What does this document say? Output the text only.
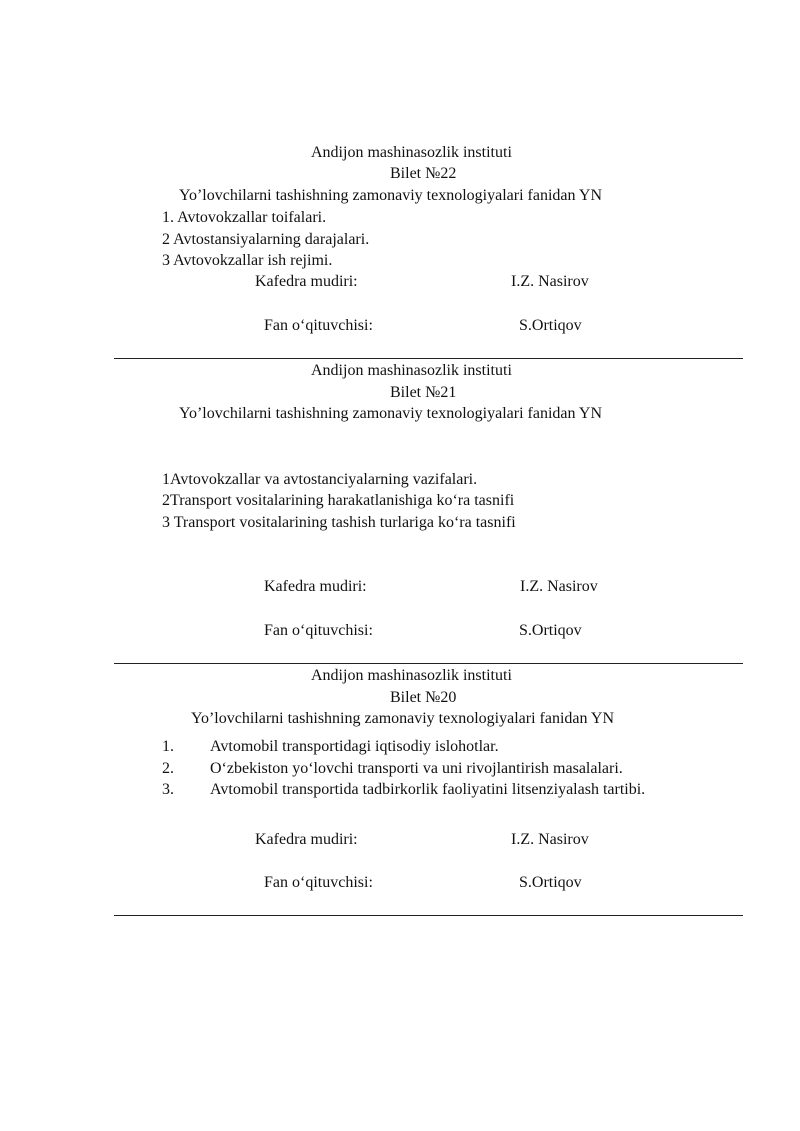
Andijon mashinasozlik instituti
Bilet №22
Yo’lovchilarni tashishning zamonaviy texnologiyalari fanidan YN
1. Avtovokzallar toifalari.
2 Avtostansiyalarning darajalari.
3 Avtovokzallar ish rejimi.
Kafedra mudiri:	I.Z. Nasirov
Fan o‘qituvchisi:	S.Ortiqov
Andijon mashinasozlik instituti
Bilet №21
Yo’lovchilarni tashishning zamonaviy texnologiyalari fanidan YN
1Avtovokzallar va avtostanciyalarning vazifalari.
2Transport vositalarining harakatlanishiga ko‘ra tasnifi
3 Transport vositalarining tashish turlariga ko‘ra tasnifi
Kafedra mudiri:	I.Z. Nasirov
Fan o‘qituvchisi:	S.Ortiqov
Andijon mashinasozlik instituti
Bilet №20
Yo’lovchilarni tashishning zamonaviy texnologiyalari fanidan YN
1. Avtomobil transportidagi iqtisodiy islohotlar.
2. O‘zbekiston yo‘lovchi transporti va uni rivojlantirish masalalari.
3. Avtomobil transportida tadbirkorlik faoliyatini litsenziyalash tartibi.
Kafedra mudiri:	I.Z. Nasirov
Fan o‘qituvchisi:	S.Ortiqov
